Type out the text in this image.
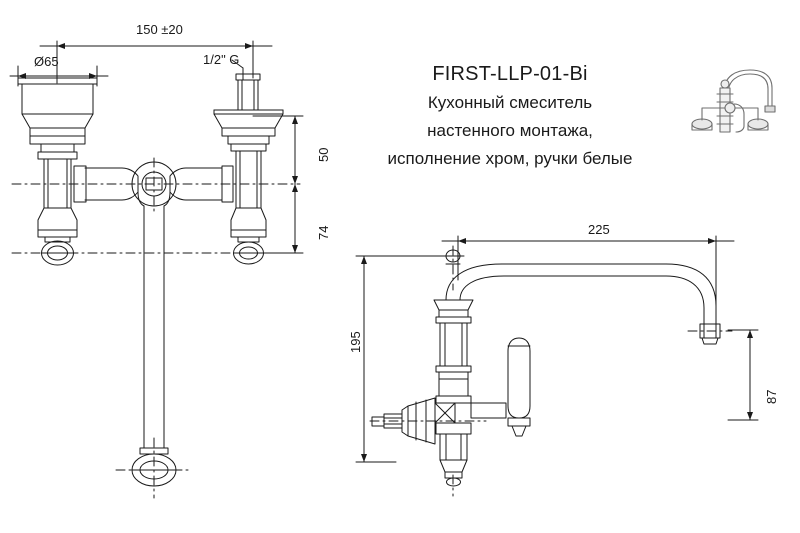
150 ±20
Ø65	1/2" G
50
74
FIRST-LLP-01-Bi
Кухонный смеситель
настенного монтажа,
исполнение хром, ручки белые
225
195
87
